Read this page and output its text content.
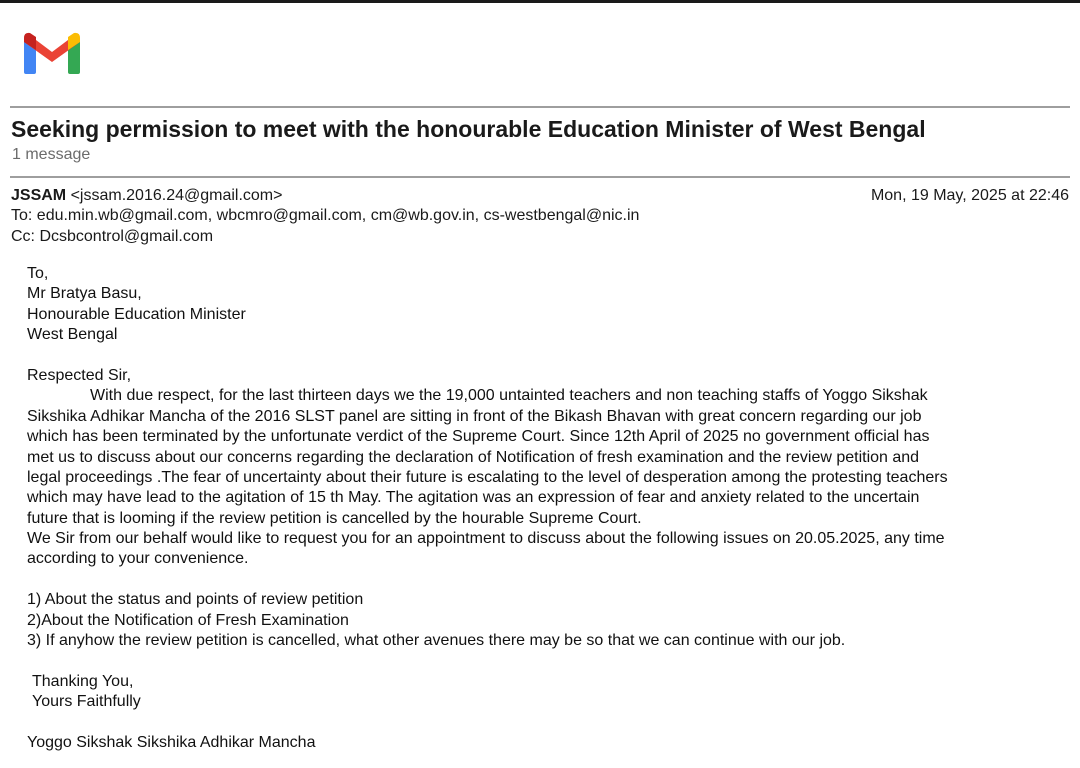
Seeking permission to meet with the honourable Education Minister of West Bengal
1 message
JSSAM <jssam.2016.24@gmail.com>	Mon, 19 May, 2025 at 22:46
To: edu.min.wb@gmail.com, wbcmro@gmail.com, cm@wb.gov.in, cs-westbengal@nic.in
Cc: Dcsbcontrol@gmail.com
To,
Mr Bratya Basu,
Honourable Education Minister
West Bengal
Respected Sir,
With due respect, for the last thirteen days we the 19,000 untainted teachers and non teaching staffs of Yoggo Sikshak
Sikshika Adhikar Mancha of the 2016 SLST panel are sitting in front of the Bikash Bhavan with great concern regarding our job
which has been terminated by the unfortunate verdict of the Supreme Court. Since 12th April of 2025 no government official has
met us to discuss about our concerns regarding the declaration of Notification of fresh examination and the review petition and
legal proceedings .The fear of uncertainty about their future is escalating to the level of desperation among the protesting teachers
which may have lead to the agitation of 15 th May. The agitation was an expression of fear and anxiety related to the uncertain
future that is looming if the review petition is cancelled by the hourable Supreme Court.
We Sir from our behalf would like to request you for an appointment to discuss about the following issues on 20.05.2025, any time
according to your convenience.
1) About the status and points of review petition
2)About the Notification of Fresh Examination
3) If anyhow the review petition is cancelled, what other avenues there may be so that we can continue with our job.
Thanking You,
Yours Faithfully
Yoggo Sikshak Sikshika Adhikar Mancha
